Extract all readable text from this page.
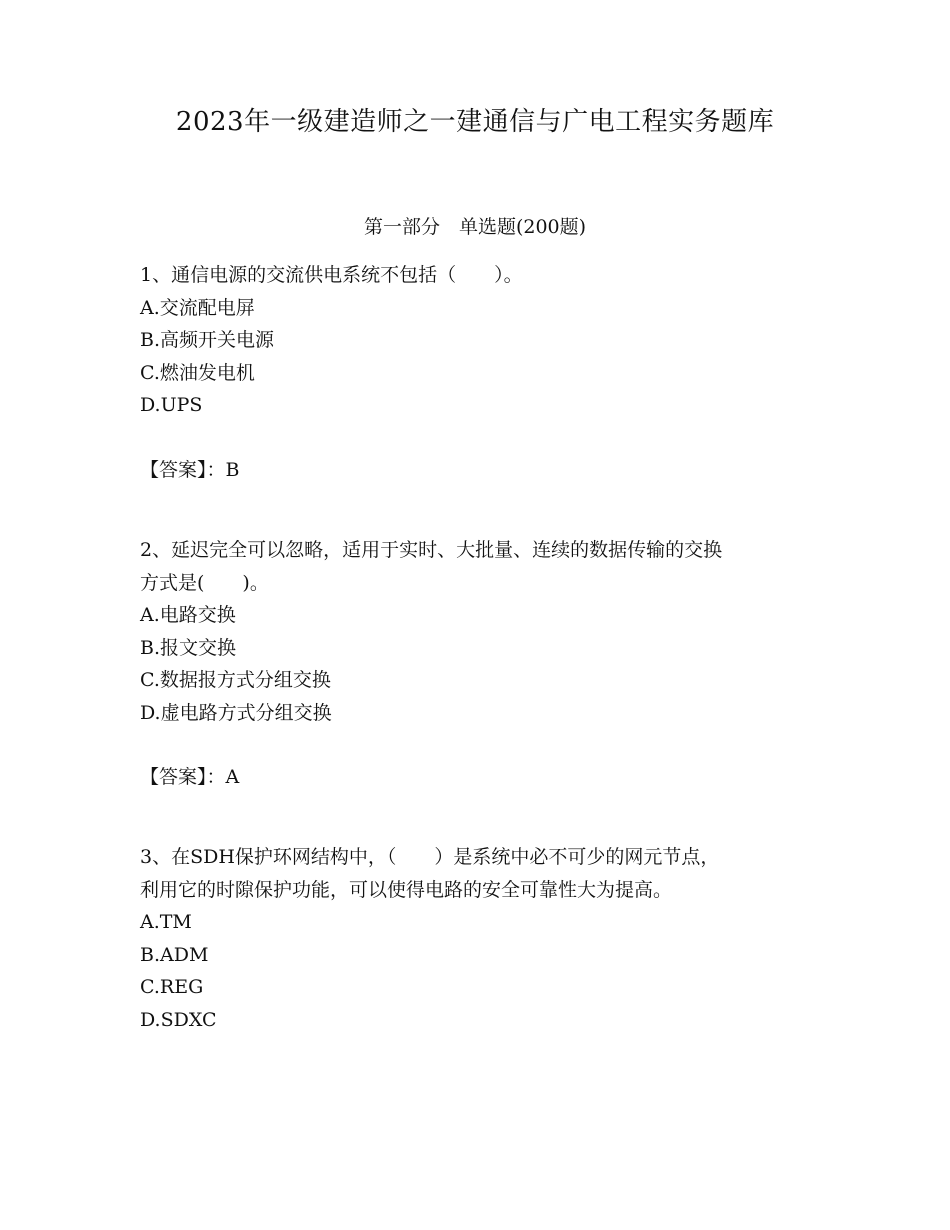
2023年一级建造师之一建通信与广电工程实务题库
第一部分　单选题(200题)
1、通信电源的交流供电系统不包括（　　）。
A.交流配电屏
B.高频开关电源
C.燃油发电机
D.UPS
【答案】：B
2、延迟完全可以忽略，适用于实时、大批量、连续的数据传输的交换
方式是(　　)。
A.电路交换
B.报文交换
C.数据报方式分组交换
D.虚电路方式分组交换
【答案】：A
3、在SDH保护环网结构中，（　　）是系统中必不可少的网元节点，
利用它的时隙保护功能，可以使得电路的安全可靠性大为提高。
A.TM
B.ADM
C.REG
D.SDXC
